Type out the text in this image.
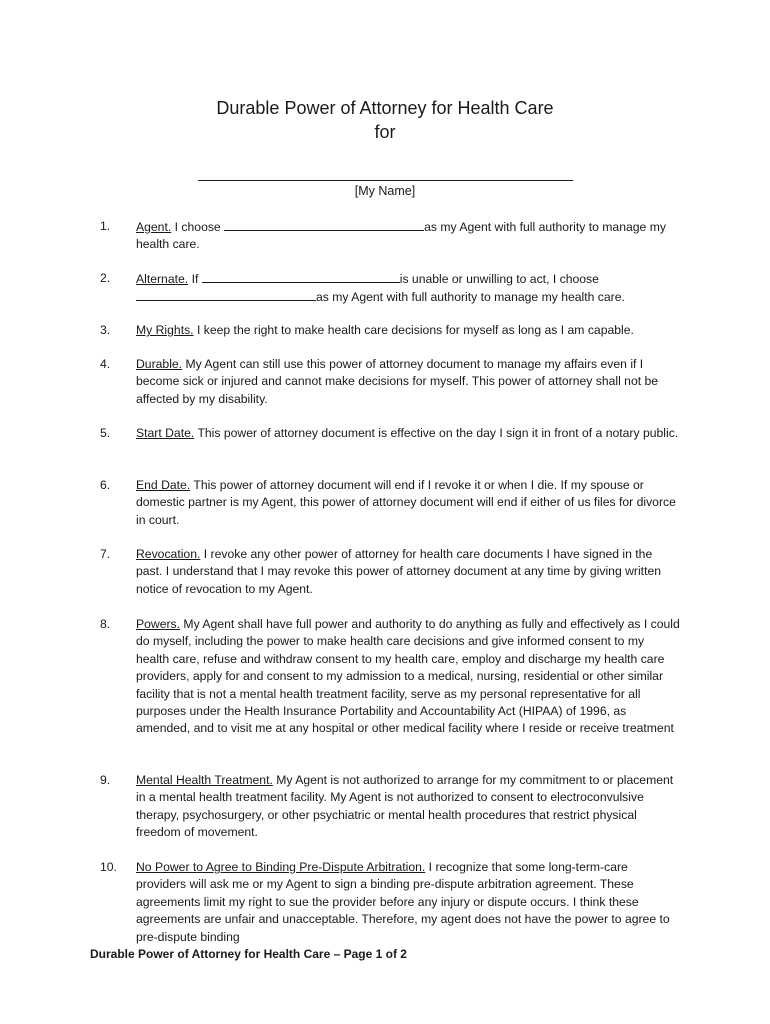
Durable Power of Attorney for Health Care
for
[My Name]
1. Agent. I choose	as my Agent with full authority to manage my health care.
2. Alternate. If	is unable or unwilling to act, I choose as my Agent with full authority to manage my health care.
3. My Rights. I keep the right to make health care decisions for myself as long as I am capable.
4. Durable. My Agent can still use this power of attorney document to manage my affairs even if I become sick or injured and cannot make decisions for myself. This power of attorney shall not be affected by my disability.
5. Start Date. This power of attorney document is effective on the day I sign it in front of a notary public.
6. End Date. This power of attorney document will end if I revoke it or when I die. If my spouse or domestic partner is my Agent, this power of attorney document will end if either of us files for divorce in court.
7. Revocation. I revoke any other power of attorney for health care documents I have signed in the past. I understand that I may revoke this power of attorney document at any time by giving written notice of revocation to my Agent.
8. Powers. My Agent shall have full power and authority to do anything as fully and effectively as I could do myself, including the power to make health care decisions and give informed consent to my health care, refuse and withdraw consent to my health care, employ and discharge my health care providers, apply for and consent to my admission to a medical, nursing, residential or other similar facility that is not a mental health treatment facility, serve as my personal representative for all purposes under the Health Insurance Portability and Accountability Act (HIPAA) of 1996, as amended, and to visit me at any hospital or other medical facility where I reside or receive treatment
9. Mental Health Treatment. My Agent is not authorized to arrange for my commitment to or placement in a mental health treatment facility. My Agent is not authorized to consent to electroconvulsive therapy, psychosurgery, or other psychiatric or mental health procedures that restrict physical freedom of movement.
10. No Power to Agree to Binding Pre-Dispute Arbitration. I recognize that some long-term-care providers will ask me or my Agent to sign a binding pre-dispute arbitration agreement. These agreements limit my right to sue the provider before any injury or dispute occurs. I think these agreements are unfair and unacceptable. Therefore, my agent does not have the power to agree to pre-dispute binding
Durable Power of Attorney for Health Care – Page 1 of 2
